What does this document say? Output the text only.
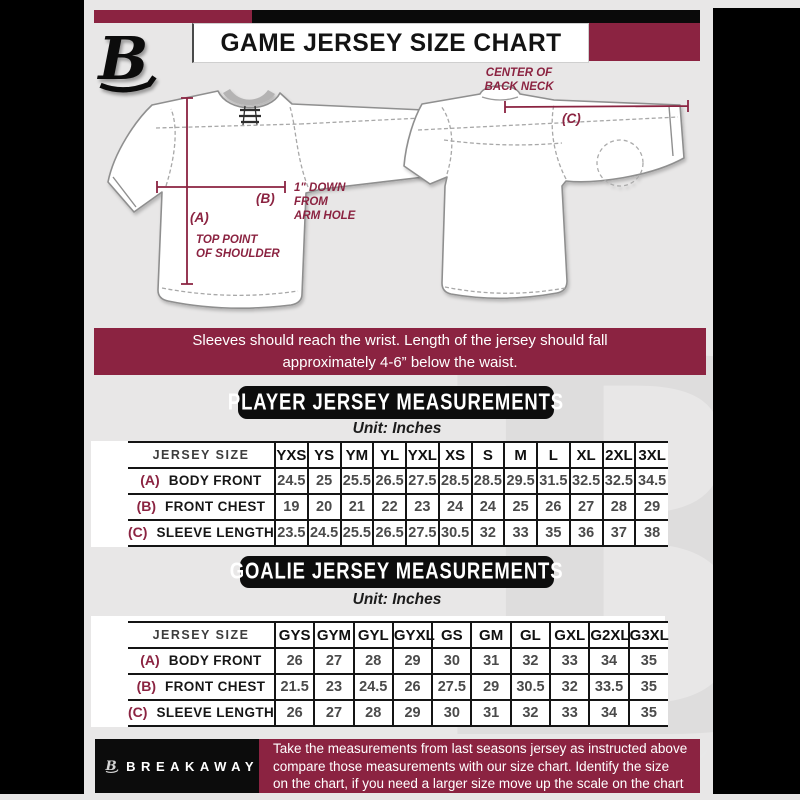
GAME JERSEY SIZE CHART
B	CENTER OF
BACK NECK
(C)
(B)
1" DOWN
FROM
ARM HOLE
(A)
TOP POINT
OF SHOULDER
Sleeves should reach the wrist. Length of the jersey should fall
approximately 4-6” below the waist.
PLAYER JERSEY MEASUREMENTS
Unit: Inches
JERSEY SIZE	YXS	YS	YM	YL	YXL	XS	S	M	L	XL	2XL	3XL
(A) BODY FRONT	24.5	25	25.5	26.5	27.5	28.5	28.5	29.5	31.5	32.5	32.5	34.5
(B) FRONT CHEST	19	20	21	22	23	24	24	25	26	27	28	29
(C) SLEEVE LENGTH	23.5	24.5	25.5	26.5	27.5	30.5	32	33	35	36	37	38
GOALIE JERSEY MEASUREMENTS
Unit: Inches
JERSEY SIZE	GYS	GYM	GYL	GYXL	GS	GM	GL	GXL	G2XL	G3XL
(A) BODY FRONT	26	27	28	29	30	31	32	33	34	35
(B) FRONT CHEST	21.5	23	24.5	26	27.5	29	30.5	32	33.5	35
(C) SLEEVE LENGTH	26	27	28	29	30	31	32	33	34	35
B BREAKAWAY
Take the measurements from last seasons jersey as instructed above
compare those measurements with our size chart. Identify the size
on the chart, if you need a larger size move up the scale on the chart
